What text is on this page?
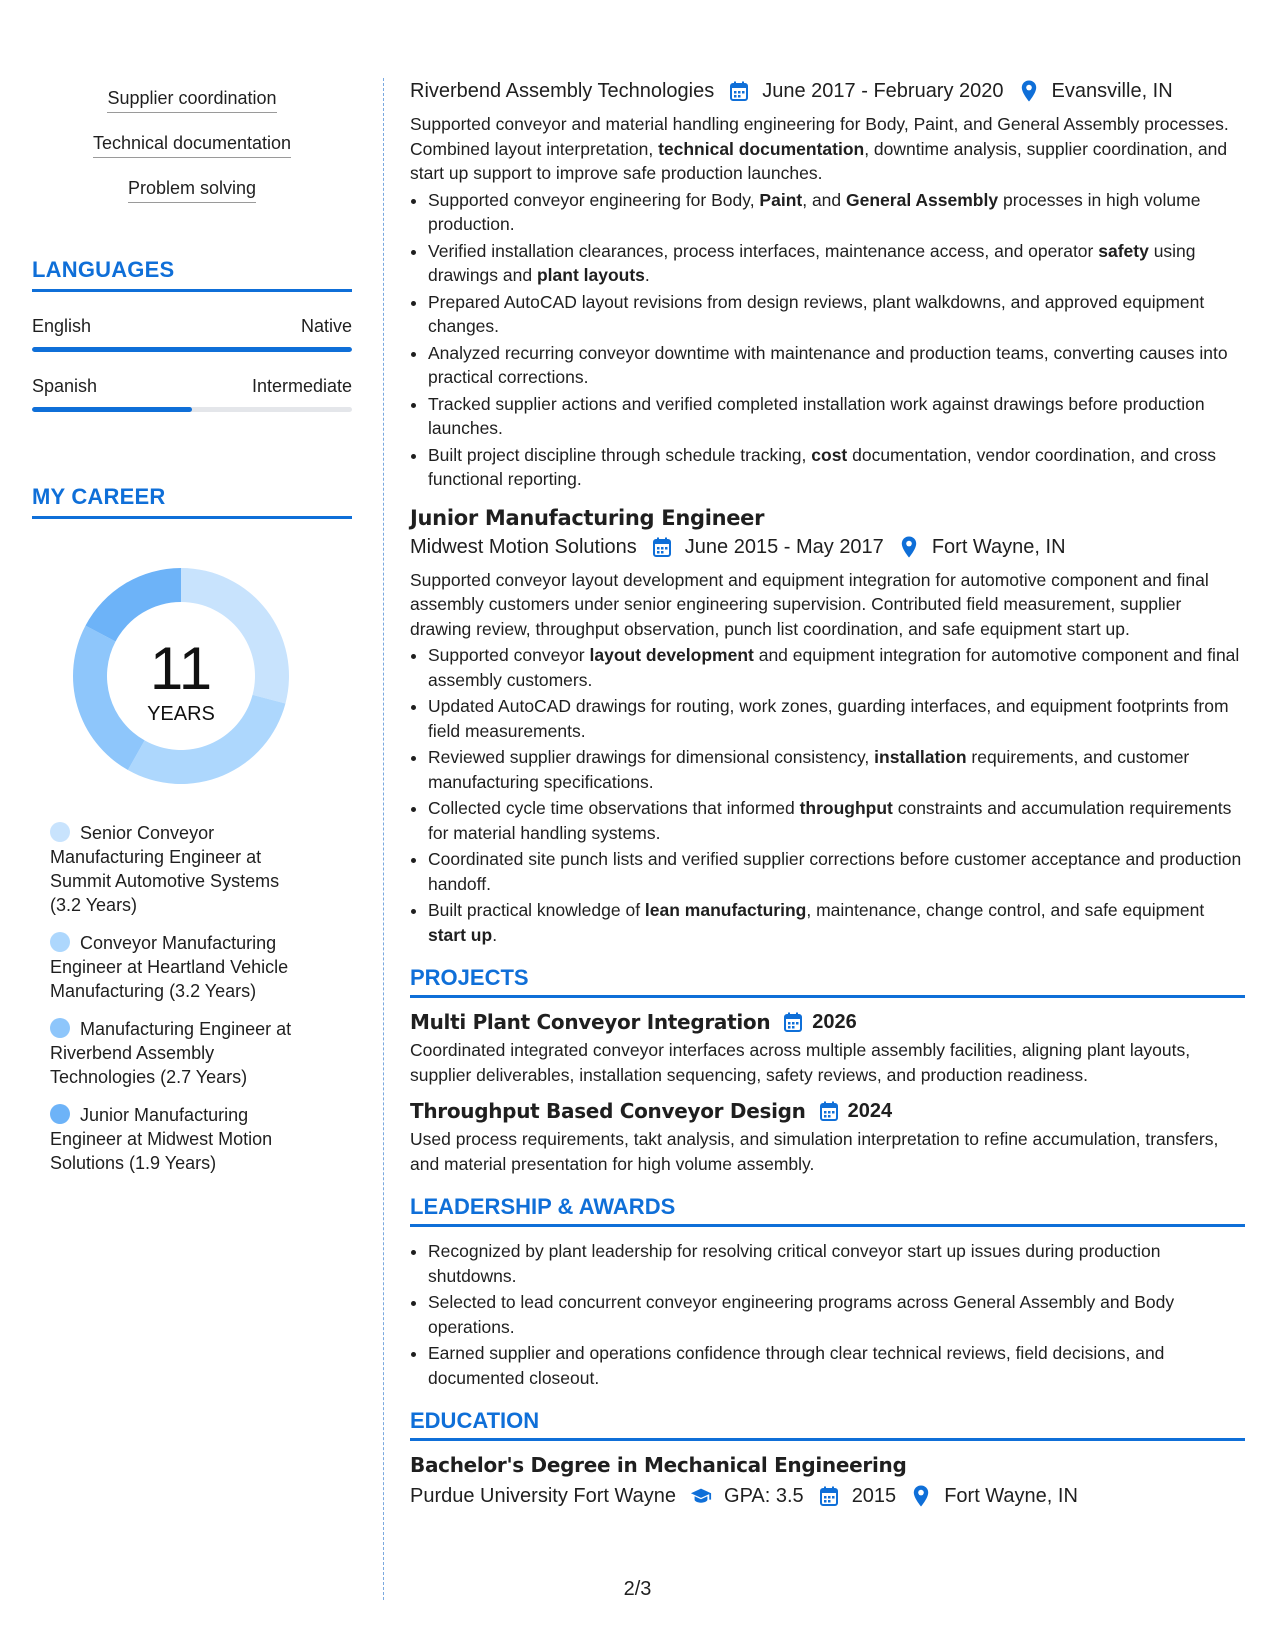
Supplier coordination
Technical documentation
Problem solving
LANGUAGES
English	Native
Spanish	Intermediate
MY CAREER
11
YEARS
Senior Conveyor Manufacturing Engineer at Summit Automotive Systems (3.2 Years)
Conveyor Manufacturing Engineer at Heartland Vehicle Manufacturing (3.2 Years)
Manufacturing Engineer at Riverbend Assembly Technologies (2.7 Years)
Junior Manufacturing Engineer at Midwest Motion Solutions (1.9 Years)
Riverbend Assembly Technologies June 2017 - February 2020 Evansville, IN

Supported conveyor and material handling engineering for Body, Paint, and General Assembly processes. Combined layout interpretation, technical documentation, downtime analysis, supplier coordination, and start up support to improve safe production launches.

• Supported conveyor engineering for Body, Paint, and General Assembly processes in high volume production.
• Verified installation clearances, process interfaces, maintenance access, and operator safety using drawings and plant layouts.
• Prepared AutoCAD layout revisions from design reviews, plant walkdowns, and approved equipment changes.
• Analyzed recurring conveyor downtime with maintenance and production teams, converting causes into practical corrections.
• Tracked supplier actions and verified completed installation work against drawings before production launches.
• Built project discipline through schedule tracking, cost documentation, vendor coordination, and cross functional reporting.
Junior Manufacturing Engineer
Midwest Motion Solutions June 2015 - May 2017 Fort Wayne, IN

Supported conveyor layout development and equipment integration for automotive component and final assembly customers under senior engineering supervision. Contributed field measurement, supplier drawing review, throughput observation, punch list coordination, and safe equipment start up.

• Supported conveyor layout development and equipment integration for automotive component and final assembly customers.
• Updated AutoCAD drawings for routing, work zones, guarding interfaces, and equipment footprints from field measurements.
• Reviewed supplier drawings for dimensional consistency, installation requirements, and customer manufacturing specifications.
• Collected cycle time observations that informed throughput constraints and accumulation requirements for material handling systems.
• Coordinated site punch lists and verified supplier corrections before customer acceptance and production handoff.
• Built practical knowledge of lean manufacturing, maintenance, change control, and safe equipment start up.
PROJECTS
Multi Plant Conveyor Integration 2026

Coordinated integrated conveyor interfaces across multiple assembly facilities, aligning plant layouts, supplier deliverables, installation sequencing, safety reviews, and production readiness.

Throughput Based Conveyor Design 2024

Used process requirements, takt analysis, and simulation interpretation to refine accumulation, transfers, and material presentation for high volume assembly.

LEADERSHIP & AWARDS
• Recognized by plant leadership for resolving critical conveyor start up issues during production shutdowns.
• Selected to lead concurrent conveyor engineering programs across General Assembly and Body operations.
• Earned supplier and operations confidence through clear technical reviews, field decisions, and documented closeout.
EDUCATION
Bachelor's Degree in Mechanical Engineering
Purdue University Fort Wayne GPA: 3.5 2015 Fort Wayne, IN
2/3
